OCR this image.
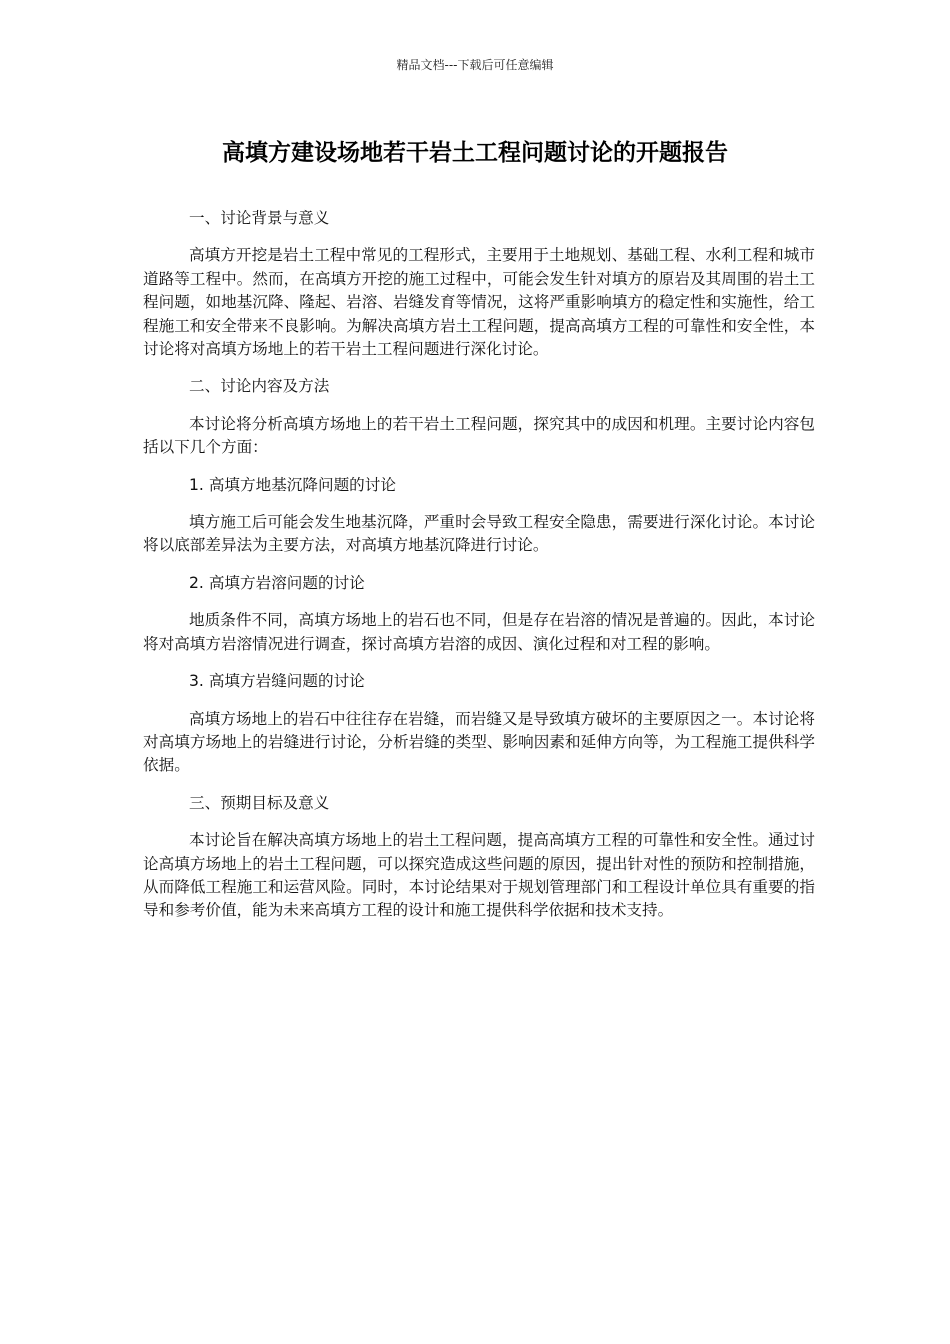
精品文档---下载后可任意编辑
高填方建设场地若干岩土工程问题讨论的开题报告

一、讨论背景与意义

高填方开挖是岩土工程中常见的工程形式，主要用于土地规划、基础工程、水利工程和城市道路等工程中。然而，在高填方开挖的施工过程中，可能会发生针对填方的原岩及其周围的岩土工程问题，如地基沉降、隆起、岩溶、岩缝发育等情况，这将严重影响填方的稳定性和实施性，给工程施工和安全带来不良影响。为解决高填方岩土工程问题，提高高填方工程的可靠性和安全性，本讨论将对高填方场地上的若干岩土工程问题进行深化讨论。

二、讨论内容及方法

本讨论将分析高填方场地上的若干岩土工程问题，探究其中的成因和机理。主要讨论内容包括以下几个方面：

1. 高填方地基沉降问题的讨论

填方施工后可能会发生地基沉降，严重时会导致工程安全隐患，需要进行深化讨论。本讨论将以底部差异法为主要方法，对高填方地基沉降进行讨论。

2. 高填方岩溶问题的讨论

地质条件不同，高填方场地上的岩石也不同，但是存在岩溶的情况是普遍的。因此，本讨论将对高填方岩溶情况进行调查，探讨高填方岩溶的成因、演化过程和对工程的影响。

3. 高填方岩缝问题的讨论

高填方场地上的岩石中往往存在岩缝，而岩缝又是导致填方破坏的主要原因之一。本讨论将对高填方场地上的岩缝进行讨论，分析岩缝的类型、影响因素和延伸方向等，为工程施工提供科学依据。

三、预期目标及意义

本讨论旨在解决高填方场地上的岩土工程问题，提高高填方工程的可靠性和安全性。通过讨论高填方场地上的岩土工程问题，可以探究造成这些问题的原因，提出针对性的预防和控制措施，从而降低工程施工和运营风险。同时，本讨论结果对于规划管理部门和工程设计单位具有重要的指导和参考价值，能为未来高填方工程的设计和施工提供科学依据和技术支持。
